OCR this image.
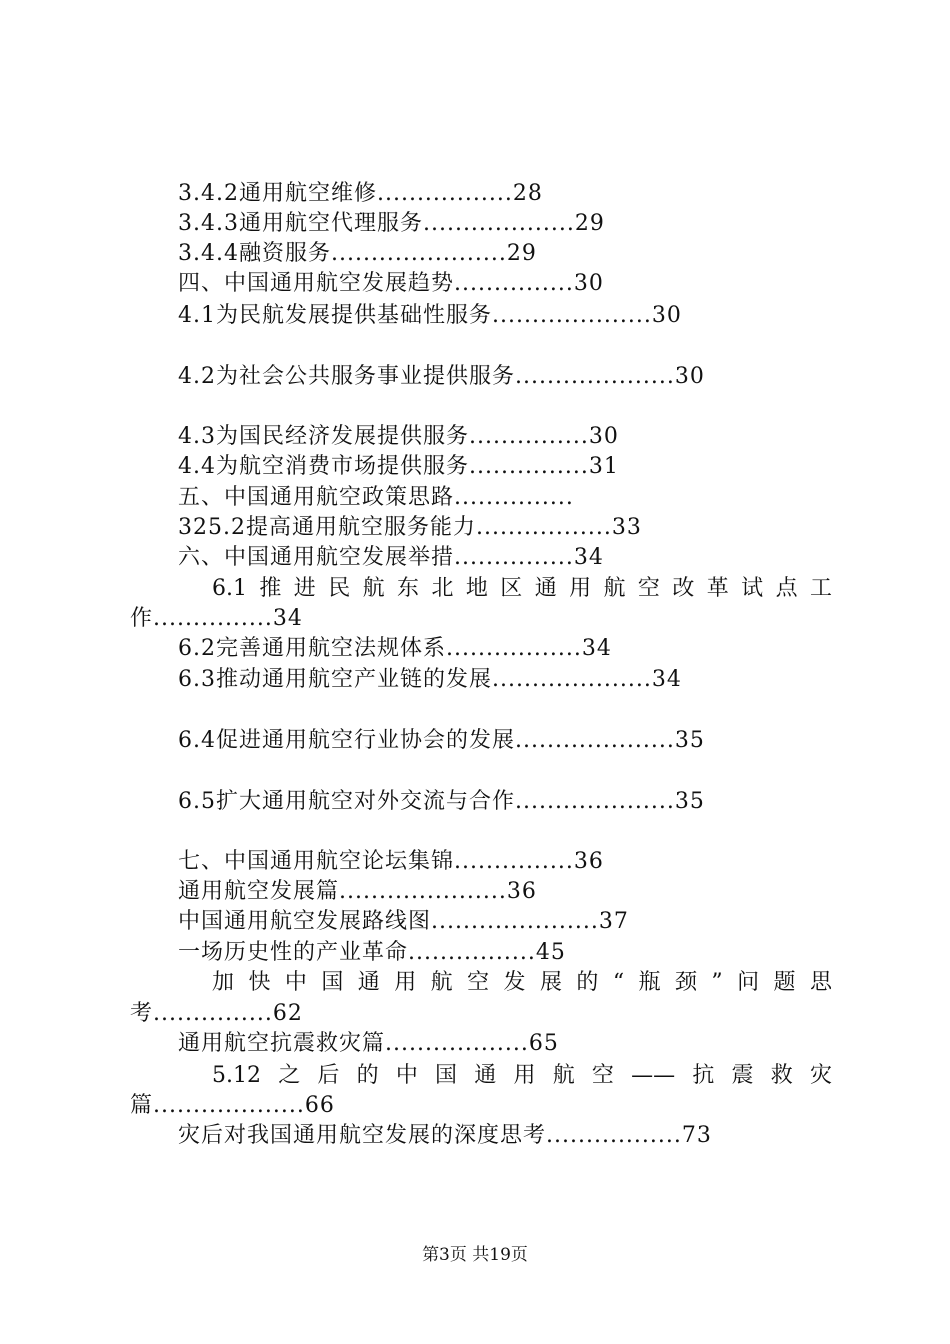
3.4.2通用航空维修.................28
3.4.3通用航空代理服务...................29
3.4.4融资服务......................29
四、中国通用航空发展趋势...............30
4.1为民航发展提供基础性服务....................30
4.2为社会公共服务事业提供服务....................30
4.3为国民经济发展提供服务...............30
4.4为航空消费市场提供服务...............31
五、中国通用航空政策思路...............
325.2提高通用航空服务能力.................33
六、中国通用航空发展举措...............34
6.1推进民航东北地区通用航空改革试点工
作...............34
6.2完善通用航空法规体系.................34
6.3推动通用航空产业链的发展....................34
6.4促进通用航空行业协会的发展....................35
6.5扩大通用航空对外交流与合作....................35
七、中国通用航空论坛集锦...............36
通用航空发展篇.....................36
中国通用航空发展路线图.....................37
一场历史性的产业革命................45
加快中国通用航空发展的“瓶颈”问题思
考...............62
通用航空抗震救灾篇..................65
5.12之后的中国通用航空——抗震救灾
篇...................66
灾后对我国通用航空发展的深度思考.................73
第3页 共19页
